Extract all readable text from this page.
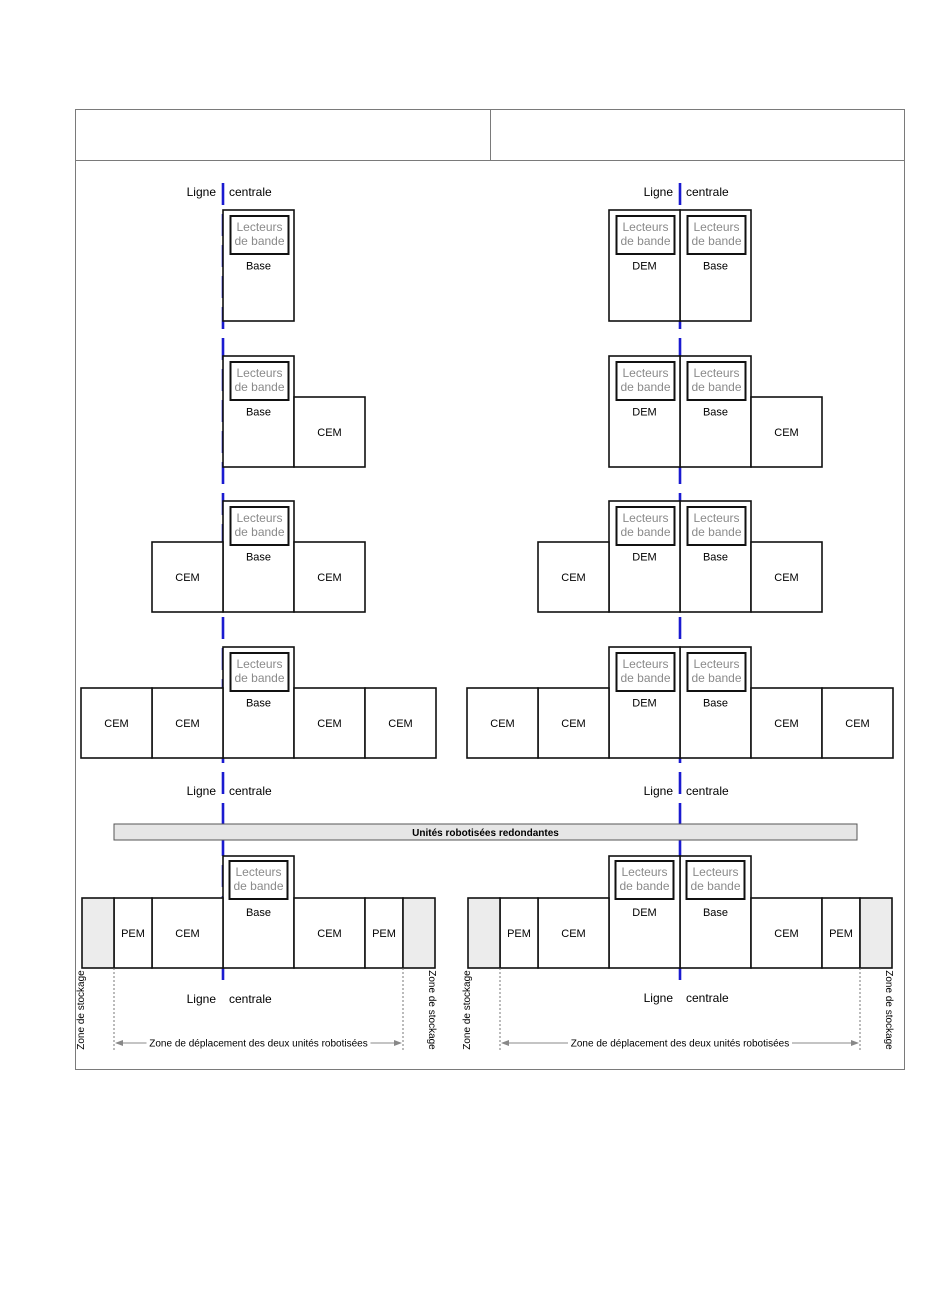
Base
Lecteurs
de bande
Base
Lecteurs
de bande
CEM
Base
Lecteurs
de bande
CEM	CEM
Base
Lecteurs
de bande
CEM
CEM	CEM	CEM
Base
Lecteurs
de bande
DEM
Lecteurs
de bande
Base
Lecteurs
de bande
DEM
Lecteurs
de bande
CEM
Base
Lecteurs
de bande
DEM
Lecteurs
de bande
CEM	CEM
Base
Lecteurs
de bande
DEM
Lecteurs
de bande
CEM
CEM	CEM	CEM
Ligne centrale	Ligne centrale
Ligne centrale	Ligne centrale
Ligne centrale	Ligne centrale
Unités robotisées redondantes
Base
Lecteurs
de bande
CEM	CEM
PEM	PEM
Zone de déplacement des deux unités robotisées
Zone de stockage	Zone de stockage
Base
Lecteurs
de bande
DEM
Lecteurs
de bande
CEM	CEM
PEM	PEM
Zone de déplacement des deux unités robotisées
Zone de stockage	Zone de stockage
